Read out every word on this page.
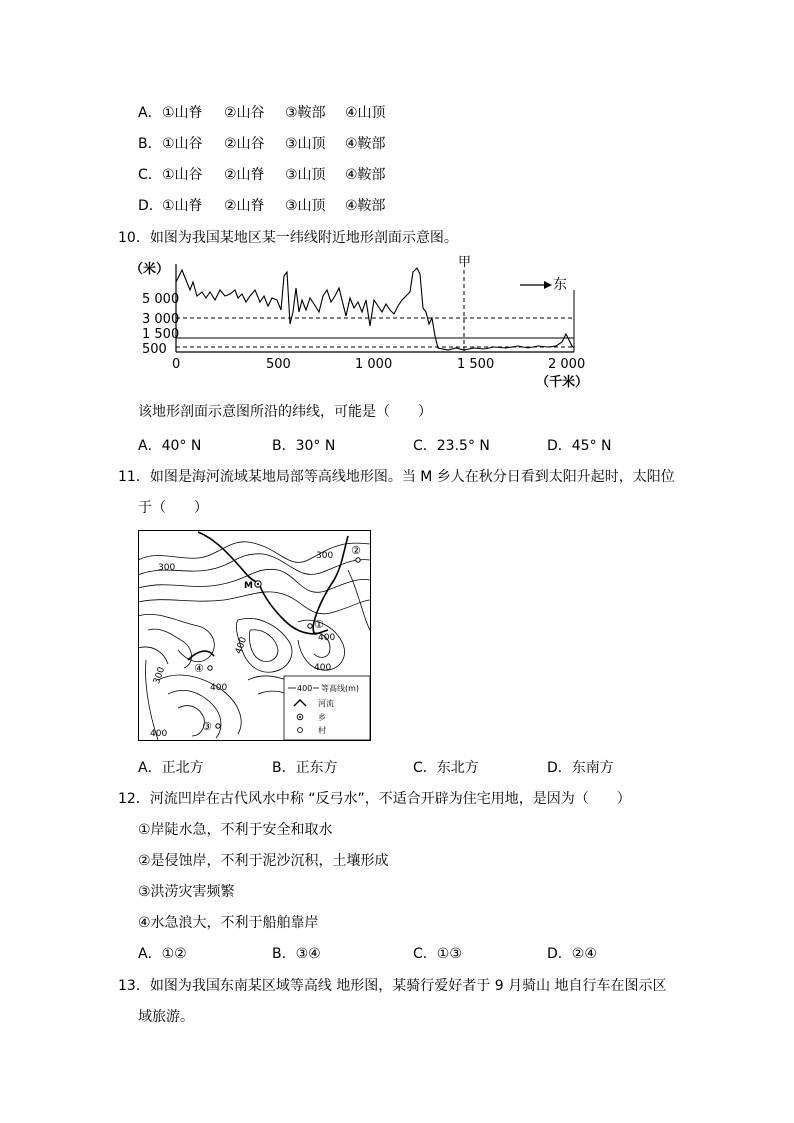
A． ①山脊 ②山谷 ③鞍部 ④山顶
B． ①山谷 ②山谷 ③山顶 ④鞍部
C． ①山谷 ②山脊 ③山顶 ④鞍部
D． ①山脊 ②山脊 ③山顶 ④鞍部
10．如图为我国某地区某一纬线附近地形剖面示意图。
（米）
5 000
3 000
1 500
500
甲
东
0	500	1 000	1 500	2 000
（千米）
该地形剖面示意图所沿的纬线，可能是（　　）
A．40° N	B．30° N	C．23.5° N	D．45° N
11．如图是海河流域某地局部等高线地形图。当 M 乡人在秋分日看到太阳升起时，太阳位
于（　　）
300
300
300
400
400
400
400
400
M
①
②
③
④
400 等高线(m)
河流
乡
村
A．正北方	B．正东方	C．东北方	D．东南方
12．河流凹岸在古代风水中称 “反弓水”，不适合开辟为住宅用地，是因为（　　）
①岸陡水急，不利于安全和取水
②是侵蚀岸，不利于泥沙沉积，土壤形成
③洪涝灾害频繁
④水急浪大，不利于船舶靠岸
A．①②	B．③④	C．①③	D．②④
13．如图为我国东南某区域等高线 地形图，某骑行爱好者于 9 月骑山 地自行车在图示区
域旅游。
